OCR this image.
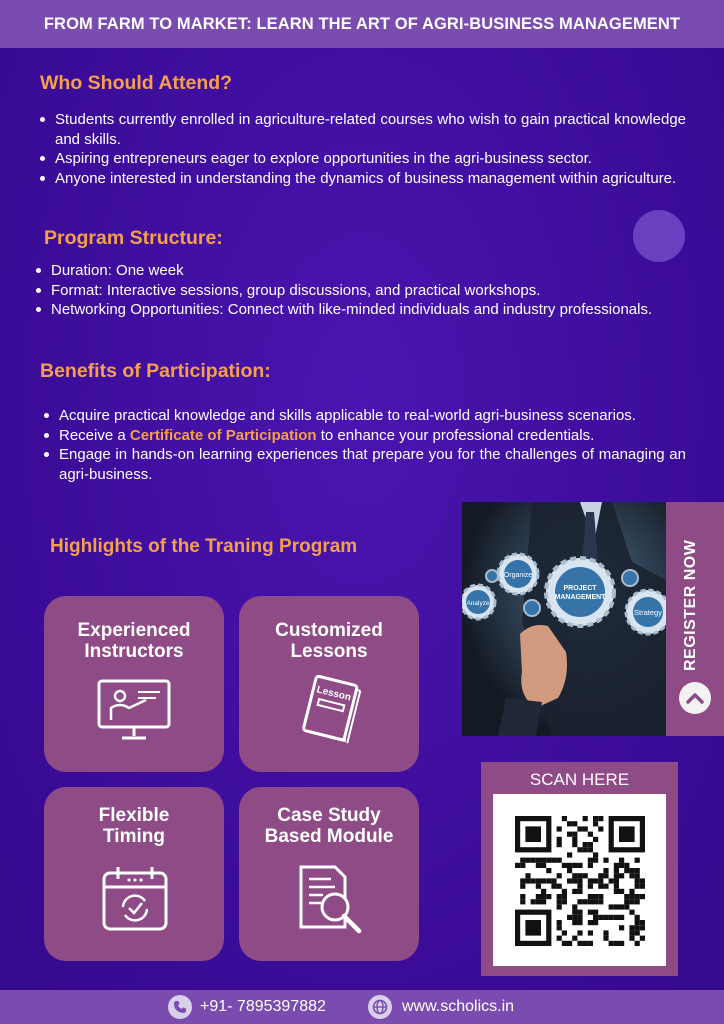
FROM FARM TO MARKET: LEARN THE ART OF AGRI-BUSINESS MANAGEMENT
Who Should Attend?
Students currently enrolled in agriculture-related courses who wish to gain practical knowledge and skills.
Aspiring entrepreneurs eager to explore opportunities in the agri-business sector.
Anyone interested in understanding the dynamics of business management within agriculture.
Program Structure:
Duration: One week
Format: Interactive sessions, group discussions, and practical workshops.
Networking Opportunities: Connect with like-minded individuals and industry professionals.
Benefits of Participation:
Acquire practical knowledge and skills applicable to real-world agri-business scenarios.
Receive a Certificate of Participation to enhance your professional credentials.
Engage in hands-on learning experiences that prepare you for the challenges of managing an agri-business.
Highlights of the Traning Program
Experienced Instructors
Customized Lessons
Lesson
Flexible Timing
Case Study Based Module
PROJECT
MANAGEMENT
Organize
Analyze
Strategy REGISTER NOW
SCAN HERE
+91- 7895397882	www.scholics.in
